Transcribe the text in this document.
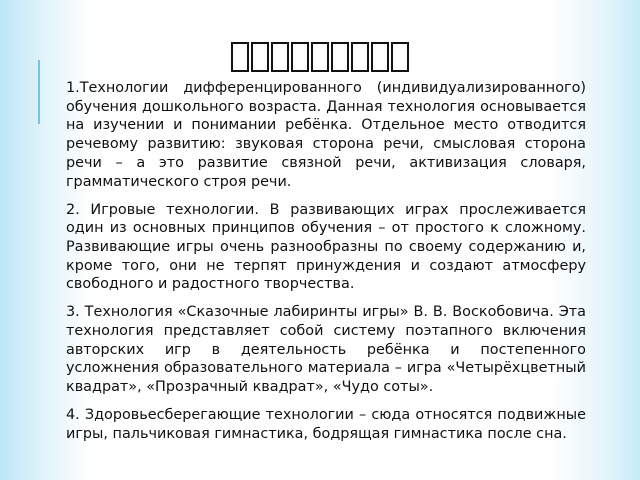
1.Технологии дифференцированного (индивидуализированного) обучения дошкольного возраста. Данная технология основывается на изучении и понимании ребёнка. Отдельное место отводится речевому развитию: звуковая сторона речи, смысловая сторона речи – а это развитие связной речи, активизация словаря, грамматического строя речи.

2. Игровые технологии. В развивающих играх прослеживается один из основных принципов обучения – от простого к сложному. Развивающие игры очень разнообразны по своему содержанию и, кроме того, они не терпят принуждения и создают атмосферу свободного и радостного творчества.

3. Технология «Сказочные лабиринты игры» В. В. Воскобовича. Эта технология представляет собой систему поэтапного включения авторских игр в деятельность ребёнка и постепенного усложнения образовательного материала – игра «Четырёхцветный квадрат», «Прозрачный квадрат», «Чудо соты».

4. Здоровьесберегающие технологии – сюда относятся подвижные игры, пальчиковая гимнастика, бодрящая гимнастика после сна.
